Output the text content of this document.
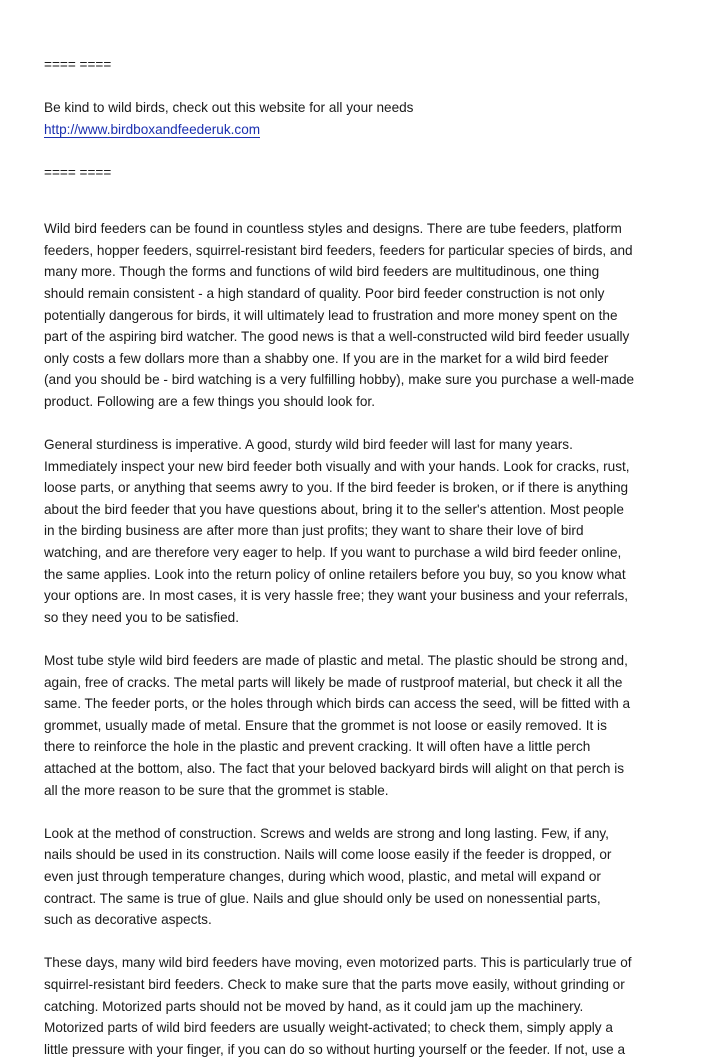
==== ====
Be kind to wild birds, check out this website for all your needs
http://www.birdboxandfeederuk.com
==== ====
Wild bird feeders can be found in countless styles and designs. There are tube feeders, platform
feeders, hopper feeders, squirrel-resistant bird feeders, feeders for particular species of birds, and
many more. Though the forms and functions of wild bird feeders are multitudinous, one thing
should remain consistent - a high standard of quality. Poor bird feeder construction is not only
potentially dangerous for birds, it will ultimately lead to frustration and more money spent on the
part of the aspiring bird watcher. The good news is that a well-constructed wild bird feeder usually
only costs a few dollars more than a shabby one. If you are in the market for a wild bird feeder
(and you should be - bird watching is a very fulfilling hobby), make sure you purchase a well-made
product. Following are a few things you should look for.
General sturdiness is imperative. A good, sturdy wild bird feeder will last for many years.
Immediately inspect your new bird feeder both visually and with your hands. Look for cracks, rust,
loose parts, or anything that seems awry to you. If the bird feeder is broken, or if there is anything
about the bird feeder that you have questions about, bring it to the seller's attention. Most people
in the birding business are after more than just profits; they want to share their love of bird
watching, and are therefore very eager to help. If you want to purchase a wild bird feeder online,
the same applies. Look into the return policy of online retailers before you buy, so you know what
your options are. In most cases, it is very hassle free; they want your business and your referrals,
so they need you to be satisfied.
Most tube style wild bird feeders are made of plastic and metal. The plastic should be strong and,
again, free of cracks. The metal parts will likely be made of rustproof material, but check it all the
same. The feeder ports, or the holes through which birds can access the seed, will be fitted with a
grommet, usually made of metal. Ensure that the grommet is not loose or easily removed. It is
there to reinforce the hole in the plastic and prevent cracking. It will often have a little perch
attached at the bottom, also. The fact that your beloved backyard birds will alight on that perch is
all the more reason to be sure that the grommet is stable.
Look at the method of construction. Screws and welds are strong and long lasting. Few, if any,
nails should be used in its construction. Nails will come loose easily if the feeder is dropped, or
even just through temperature changes, during which wood, plastic, and metal will expand or
contract. The same is true of glue. Nails and glue should only be used on nonessential parts,
such as decorative aspects.
These days, many wild bird feeders have moving, even motorized parts. This is particularly true of
squirrel-resistant bird feeders. Check to make sure that the parts move easily, without grinding or
catching. Motorized parts should not be moved by hand, as it could jam up the machinery.
Motorized parts of wild bird feeders are usually weight-activated; to check them, simply apply a
little pressure with your finger, if you can do so without hurting yourself or the feeder. If not, use a
